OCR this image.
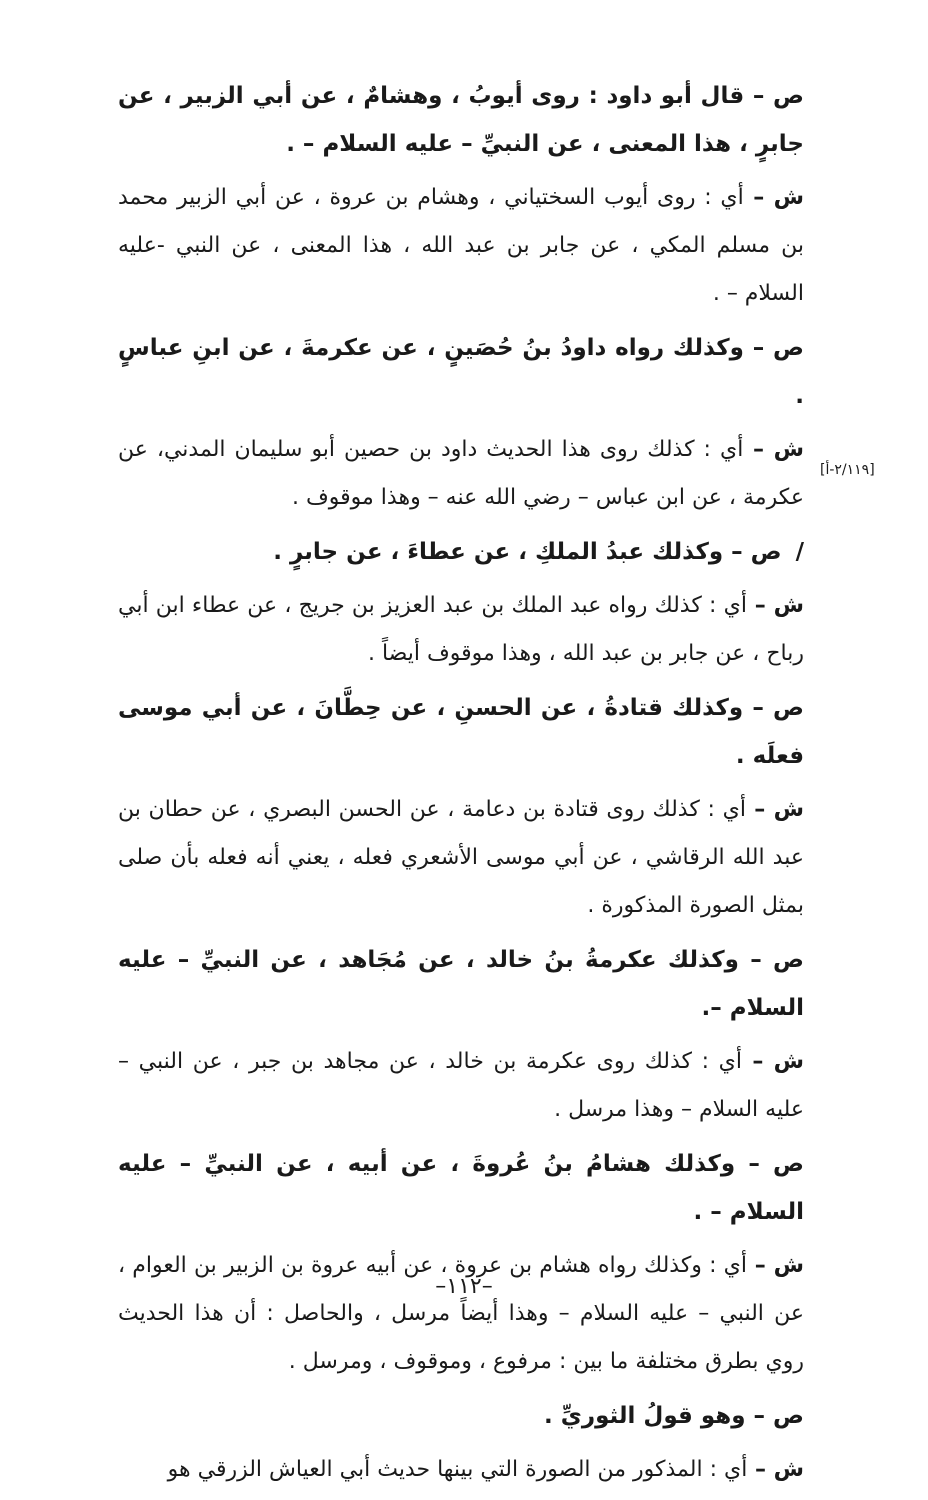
ص – قال أبو داود : روى أيوبُ ، وهشامٌ ، عن أبي الزبير ، عن جابرٍ ، هذا المعنى ، عن النبيِّ – عليه السلام – .

ش – أي : روى أيوب السختياني ، وهشام بن عروة ، عن أبي الزبير محمد بن مسلم المكي ، عن جابر بن عبد الله ، هذا المعنى ، عن النبي -عليه السلام – .

ص – وكذلك رواه داودُ بنُ حُصَينٍ ، عن عكرمةَ ، عن ابنِ عباسٍ .

ش – أي : كذلك روى هذا الحديث داود بن حصين أبو سليمان المدني، عن عكرمة ، عن ابن عباس – رضي الله عنه – وهذا موقوف .

/ص – وكذلك عبدُ الملكِ ، عن عطاءَ ، عن جابرٍ .

ش – أي : كذلك رواه عبد الملك بن عبد العزيز بن جريج ، عن عطاء ابن أبي رباح ، عن جابر بن عبد الله ، وهذا موقوف أيضاً .

ص – وكذلك قتادةُ ، عن الحسنِ ، عن حِطَّانَ ، عن أبي موسى فعلَه .

ش – أي : كذلك روى قتادة بن دعامة ، عن الحسن البصري ، عن حطان بن عبد الله الرقاشي ، عن أبي موسى الأشعري فعله ، يعني أنه فعله بأن صلى بمثل الصورة المذكورة .

ص – وكذلك عكرمةُ بنُ خالد ، عن مُجَاهد ، عن النبيِّ – عليه السلام –.

ش – أي : كذلك روى عكرمة بن خالد ، عن مجاهد بن جبر ، عن النبي – عليه السلام – وهذا مرسل .

ص – وكذلك هشامُ بنُ عُروةَ ، عن أبيه ، عن النبيِّ – عليه السلام – .

ش – أي : وكذلك رواه هشام بن عروة ، عن أبيه عروة بن الزبير بن العوام ، عن النبي – عليه السلام – وهذا أيضاً مرسل ، والحاصل : أن هذا الحديث روي بطرق مختلفة ما بين : مرفوع ، وموقوف ، ومرسل .

ص – وهو قولُ الثوريِّ .

ش – أي : المذكور من الصورة التي بينها حديث أبي العياش الزرقي هو

[٢/١١٩-أ]
–١١٢–
